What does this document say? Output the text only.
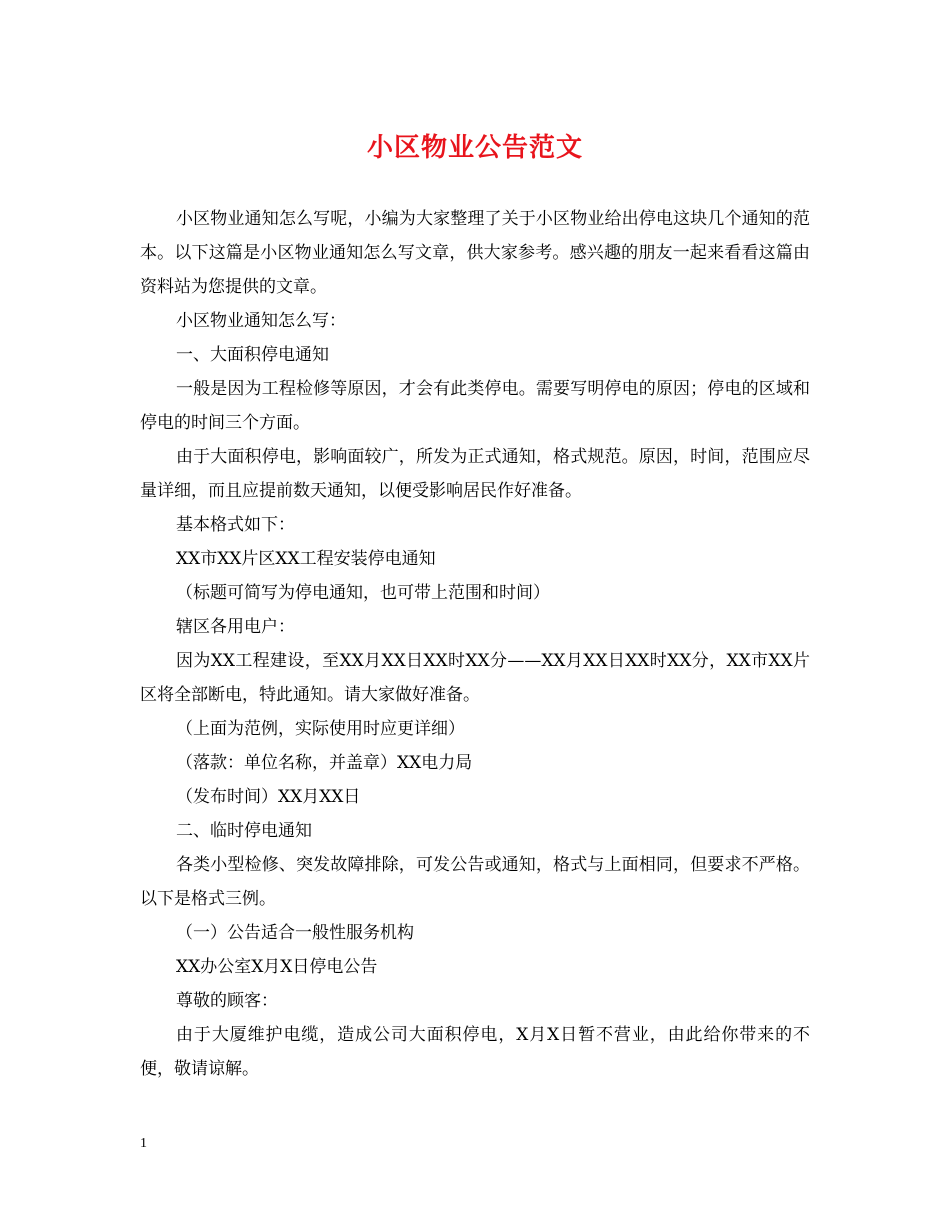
小区物业公告范文

小区物业通知怎么写呢，小编为大家整理了关于小区物业给出停电这块几个通知的范本。以下这篇是小区物业通知怎么写文章，供大家参考。感兴趣的朋友一起来看看这篇由资料站为您提供的文章。

小区物业通知怎么写：

一、大面积停电通知

一般是因为工程检修等原因，才会有此类停电。需要写明停电的原因；停电的区域和停电的时间三个方面。

由于大面积停电，影响面较广，所发为正式通知，格式规范。原因，时间，范围应尽量详细，而且应提前数天通知，以便受影响居民作好准备。

基本格式如下：

XX市XX片区XX工程安装停电通知

（标题可简写为停电通知，也可带上范围和时间）

辖区各用电户：

因为XX工程建设，至XX月XX日XX时XX分——XX月XX日XX时XX分，XX市XX片区将全部断电，特此通知。请大家做好准备。

（上面为范例，实际使用时应更详细）

（落款：单位名称，并盖章）XX电力局

（发布时间）XX月XX日

二、临时停电通知

各类小型检修、突发故障排除，可发公告或通知，格式与上面相同，但要求不严格。以下是格式三例。

（一）公告适合一般性服务机构

XX办公室X月X日停电公告

尊敬的顾客：

由于大厦维护电缆，造成公司大面积停电，X月X日暂不营业，由此给你带来的不便，敬请谅解。

1
